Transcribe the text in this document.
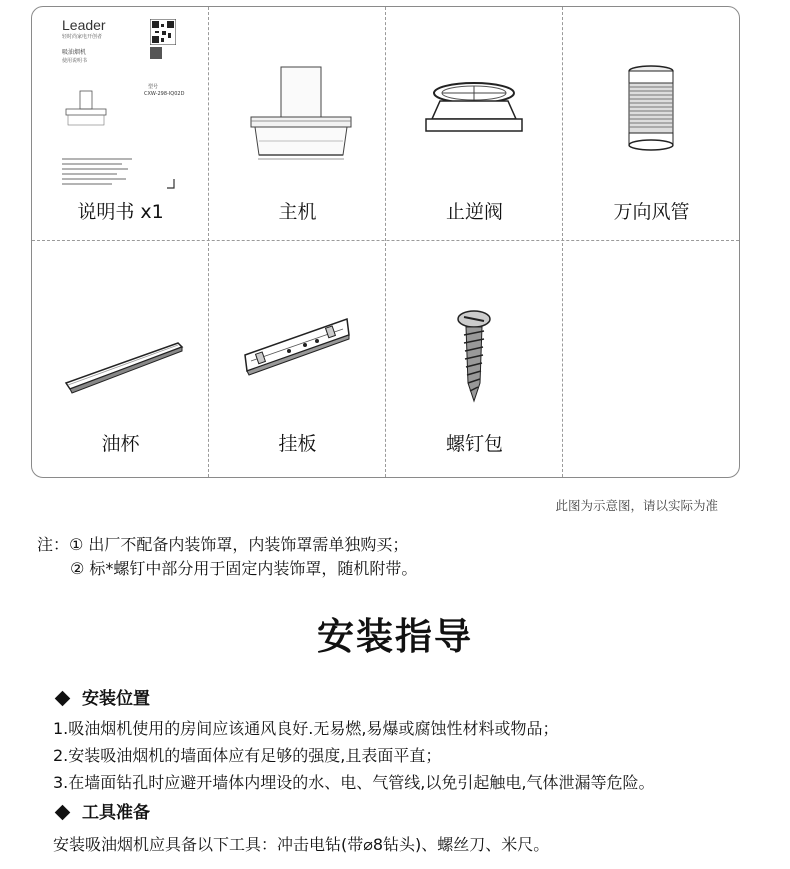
Leader
轻时尚家电开创者
吸油烟机
使用说明书
型号
CXW-298-IQ02D
说明书 x1	主机	止逆阀	万向风管
油杯	挂板	螺钉包
此图为示意图，请以实际为准
注：① 出厂不配备内装饰罩，内装饰罩需单独购买；
② 标*螺钉中部分用于固定内装饰罩，随机附带。
安装指导
安装位置
1.吸油烟机使用的房间应该通风良好.无易燃,易爆或腐蚀性材料或物品；
2.安装吸油烟机的墙面体应有足够的强度,且表面平直；
3.在墙面钻孔时应避开墙体内埋设的水、电、气管线,以免引起触电,气体泄漏等危险。
工具准备
安装吸油烟机应具备以下工具：冲击电钻(带⌀8钻头)、螺丝刀、米尺。
